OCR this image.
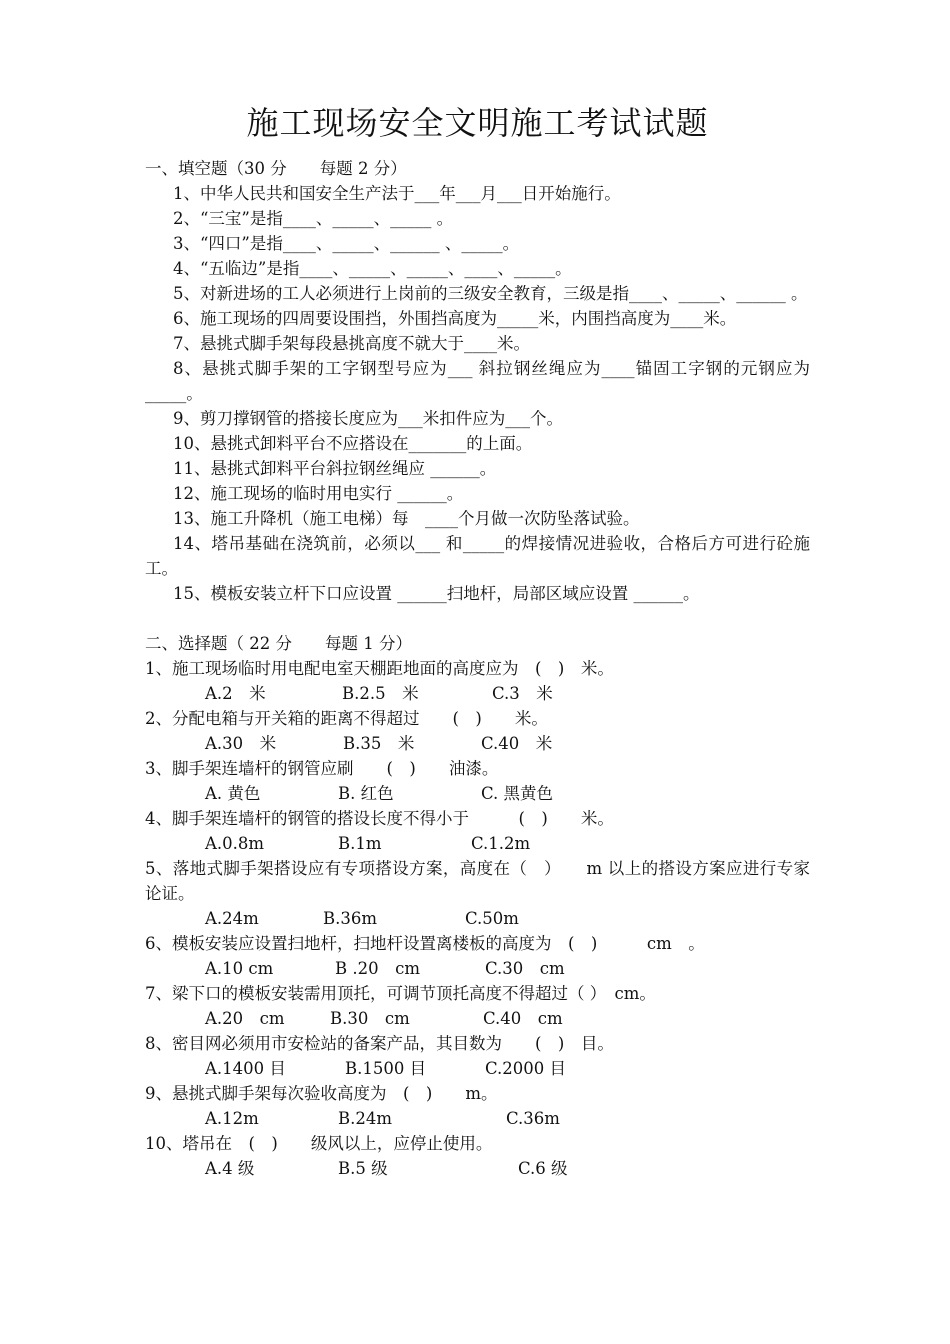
施工现场安全文明施工考试试题
一、填空题（30 分　　每题 2 分）
1、中华人民共和国安全生产法于___年___月___日开始施行。
2、“三宝”是指____、_____、_____ 。
3、“四口”是指____、_____、______ 、_____。
4、“五临边”是指____、_____、_____、____、_____。
5、对新进场的工人必须进行上岗前的三级安全教育，三级是指____、_____、______ 。
6、施工现场的四周要设围挡，外围挡高度为_____米，内围挡高度为____米。
7、悬挑式脚手架每段悬挑高度不就大于____米。
8、悬挑式脚手架的工字钢型号应为___ 斜拉钢丝绳应为____锚固工字钢的元钢应为_____。
9、剪刀撑钢管的搭接长度应为___米扣件应为___个。
10、悬挑式卸料平台不应搭设在_______的上面。
11、悬挑式卸料平台斜拉钢丝绳应 ______。
12、施工现场的临时用电实行 ______。
13、施工升降机（施工电梯）每　____个月做一次防坠落试验。
14、塔吊基础在浇筑前，必须以___ 和_____的焊接情况进验收，合格后方可进行砼施工。
15、模板安装立杆下口应设置 ______扫地杆，局部区域应设置 ______。
二、选择题（ 22 分　　每题 1 分）
1、施工现场临时用电配电室天棚距地面的高度应为　(　)　米。
A.2　米	B.2.5　米	C.3　米
2、分配电箱与开关箱的距离不得超过　　(　)　　米。
A.30　米	B.35　米	C.40　米
3、脚手架连墙杆的钢管应刷　　(　)　　油漆。
A. 黄色	B. 红色	C. 黑黄色
4、脚手架连墙杆的钢管的搭设长度不得小于　　　(　)　　米。
A.0.8m	B.1m	C.1.2m
5、落地式脚手架搭设应有专项搭设方案，高度在（　）　　m 以上的搭设方案应进行专家论证。
A.24m	B.36m	C.50m
6、模板安装应设置扫地杆，扫地杆设置离楼板的高度为　(　)　　　cm　。
A.10 cm	B .20　cm	C.30　cm
7、梁下口的模板安装需用顶托，可调节顶托高度不得超过（ ）　cm。
A.20　cm	B.30　cm	C.40　cm
8、密目网必须用市安检站的备案产品，其目数为　　(　)　目。
A.1400 目	B.1500 目	C.2000 目
9、悬挑式脚手架每次验收高度为　(　)　　m。
A.12m	B.24m	C.36m
10、塔吊在　(　)　　级风以上，应停止使用。
A.4 级	B.5 级	C.6 级
